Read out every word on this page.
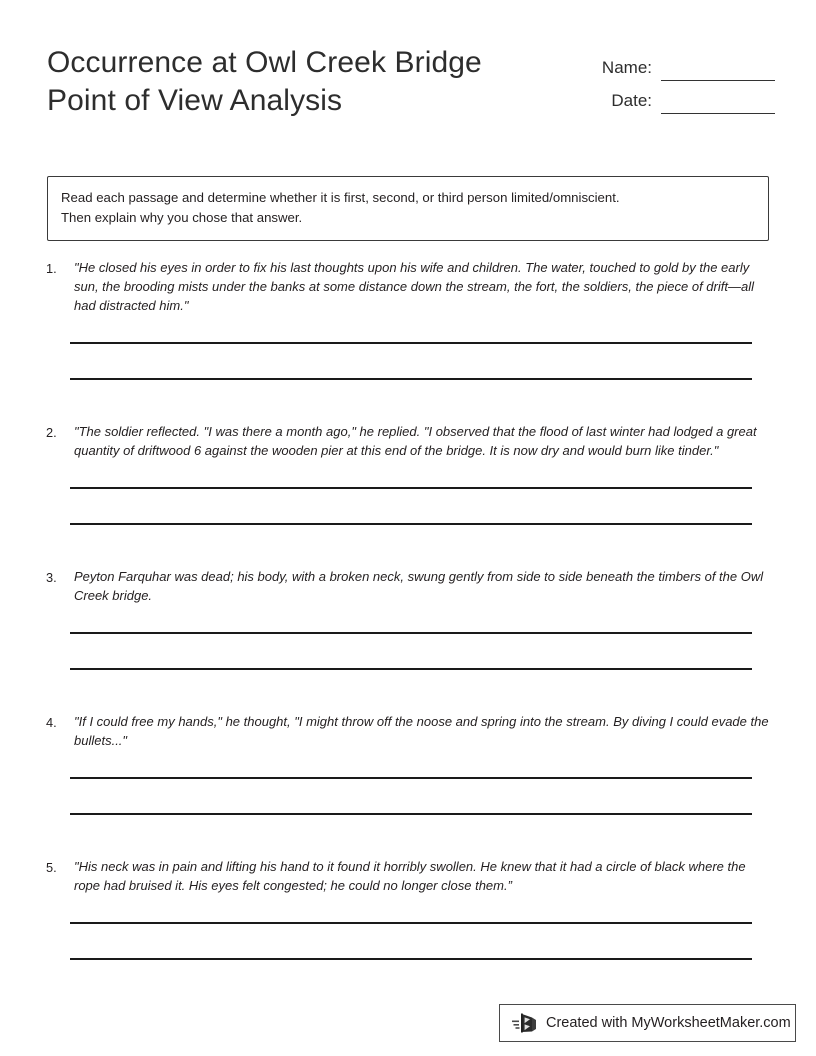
Occurrence at Owl Creek Bridge
Point of View Analysis
Name:
Date:

Read each passage and determine whether it is first, second, or third person limited/omniscient.

Then explain why you chose that answer.

1.	"He closed his eyes in order to fix his last thoughts upon his wife and children. The water, touched to gold by the early sun, the brooding mists under the banks at some distance down the stream, the fort, the soldiers, the piece of drift—all had distracted him."
2.	"The soldier reflected. "I was there a month ago," he replied. "I observed that the flood of last winter had lodged a great quantity of driftwood 6 against the wooden pier at this end of the bridge. It is now dry and would burn like tinder."
3.	Peyton Farquhar was dead; his body, with a broken neck, swung gently from side to side beneath the timbers of the Owl Creek bridge.
4.	"If I could free my hands," he thought, "I might throw off the noose and spring into the stream. By diving I could evade the bullets..."
5.	"His neck was in pain and lifting his hand to it found it horribly swollen. He knew that it had a circle of black where the rope had bruised it. His eyes felt congested; he could no longer close them.”
Created with MyWorksheetMaker.com
